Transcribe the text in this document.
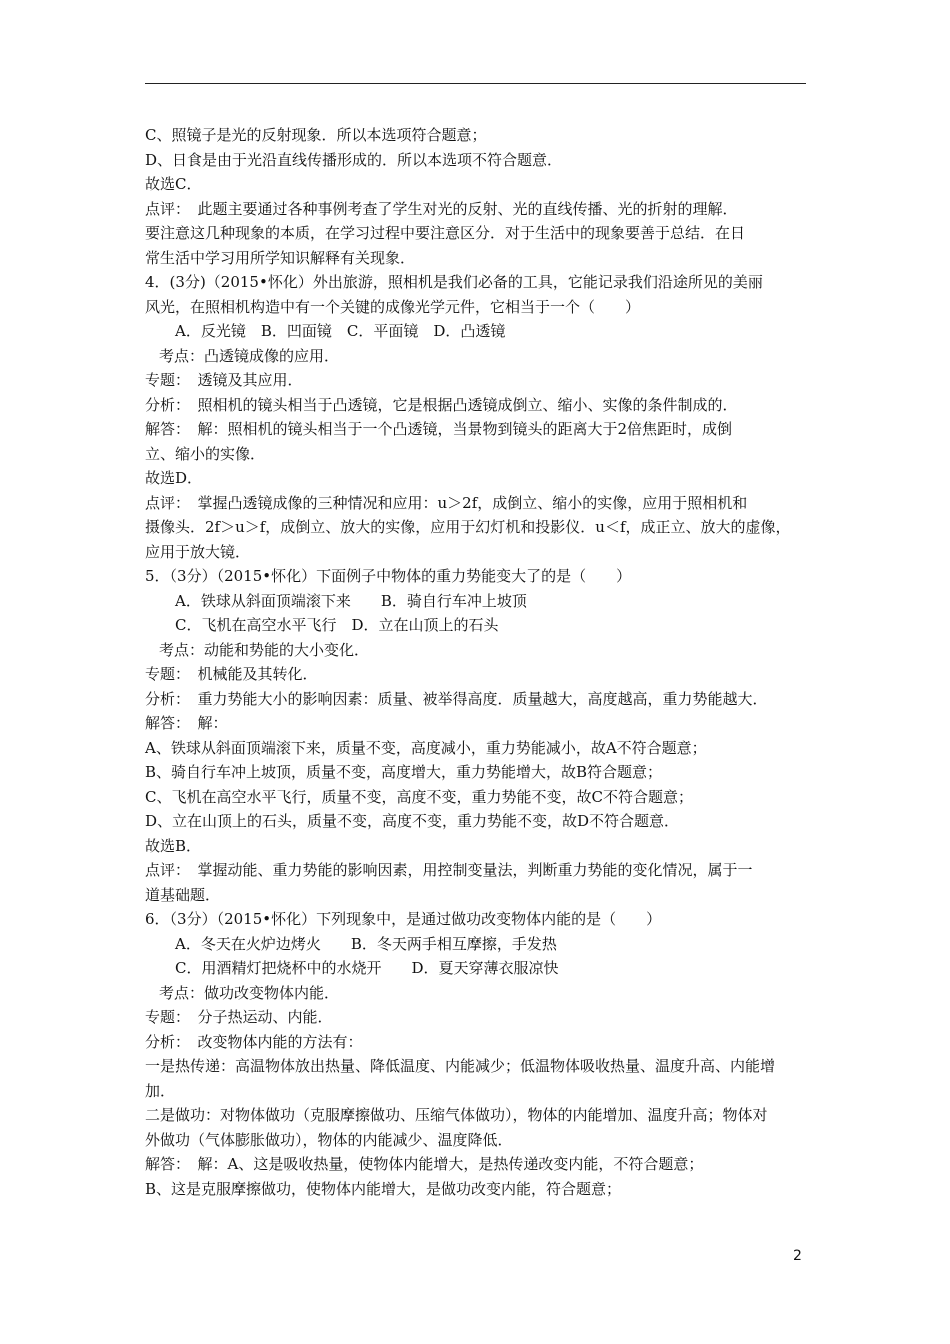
C、照镜子是光的反射现象．所以本选项符合题意；
D、日食是由于光沿直线传播形成的．所以本选项不符合题意．
故选C．
点评：　此题主要通过各种事例考查了学生对光的反射、光的直线传播、光的折射的理解．
要注意这几种现象的本质，在学习过程中要注意区分．对于生活中的现象要善于总结．在日
常生活中学习用所学知识解释有关现象．
4．(3分)（2015•怀化）外出旅游，照相机是我们必备的工具，它能记录我们沿途所见的美丽
风光，在照相机构造中有一个关键的成像光学元件，它相当于一个（　　）
A．反光镜　B．凹面镜　C．平面镜　D．凸透镜
考点：凸透镜成像的应用．
专题：　透镜及其应用．
分析：　照相机的镜头相当于凸透镜，它是根据凸透镜成倒立、缩小、实像的条件制成的．
解答：　解：照相机的镜头相当于一个凸透镜，当景物到镜头的距离大于2倍焦距时，成倒
立、缩小的实像．
故选D．
点评：　掌握凸透镜成像的三种情况和应用：u＞2f，成倒立、缩小的实像，应用于照相机和
摄像头．2f＞u＞f，成倒立、放大的实像，应用于幻灯机和投影仪．u＜f，成正立、放大的虚像，
应用于放大镜．
5．（3分）（2015•怀化）下面例子中物体的重力势能变大了的是（　　）
A．铁球从斜面顶端滚下来　　B．骑自行车冲上坡顶
C．飞机在高空水平飞行　D．立在山顶上的石头
考点：动能和势能的大小变化．
专题：　机械能及其转化．
分析：　重力势能大小的影响因素：质量、被举得高度．质量越大，高度越高，重力势能越大．
解答：　解：
A、铁球从斜面顶端滚下来，质量不变，高度减小，重力势能减小，故A不符合题意；
B、骑自行车冲上坡顶，质量不变，高度增大，重力势能增大，故B符合题意；
C、飞机在高空水平飞行，质量不变，高度不变，重力势能不变，故C不符合题意；
D、立在山顶上的石头，质量不变，高度不变，重力势能不变，故D不符合题意．
故选B．
点评：　掌握动能、重力势能的影响因素，用控制变量法，判断重力势能的变化情况，属于一
道基础题．
6．（3分）（2015•怀化）下列现象中，是通过做功改变物体内能的是（　　）
A．冬天在火炉边烤火　　B．冬天两手相互摩擦，手发热
C．用酒精灯把烧杯中的水烧开　　D．夏天穿薄衣服凉快
考点：做功改变物体内能．
专题：　分子热运动、内能．
分析：　改变物体内能的方法有：
一是热传递：高温物体放出热量、降低温度、内能减少；低温物体吸收热量、温度升高、内能增
加．
二是做功：对物体做功（克服摩擦做功、压缩气体做功），物体的内能增加、温度升高；物体对
外做功（气体膨胀做功），物体的内能减少、温度降低．
解答：　解：A、这是吸收热量，使物体内能增大，是热传递改变内能，不符合题意；
B、这是克服摩擦做功，使物体内能增大，是做功改变内能，符合题意；
2
